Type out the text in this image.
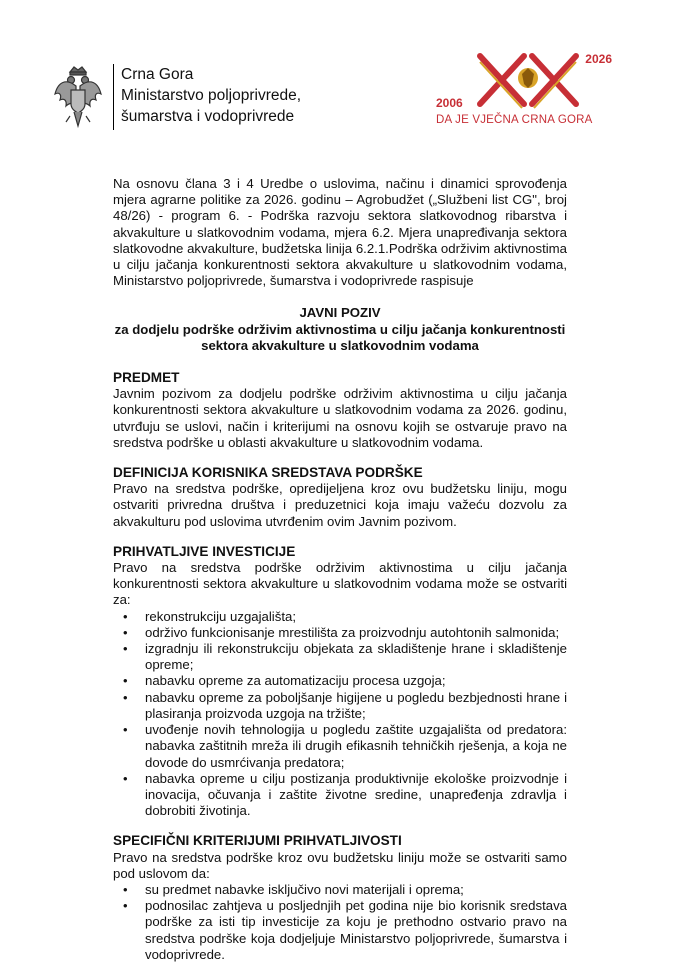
Crna Gora
Ministarstvo poljoprivrede,
šumarstva i vodoprivrede
2026
2006
DA JE VJEČNA CRNA GORA

Na osnovu člana 3 i 4 Uredbe o uslovima, načinu i dinamici sprovođenja mjera agrarne politike za 2026. godinu – Agrobudžet („Službeni list CG", broj 48/26) - program 6. - Podrška razvoju sektora slatkovodnog ribarstva i akvakulture u slatkovodnim vodama, mjera 6.2. Mjera unapređivanja sektora slatkovodne akvakulture, budžetska linija 6.2.1.Podrška održivim aktivnostima u cilju jačanja konkurentnosti sektora akvakulture u slatkovodnim vodama, Ministarstvo poljoprivrede, šumarstva i vodoprivrede raspisuje

JAVNI POZIV
za dodjelu podrške održivim aktivnostima u cilju jačanja konkurentnosti sektora akvakulture u slatkovodnim vodama
PREDMET

Javnim pozivom za dodjelu podrške održivim aktivnostima u cilju jačanja konkurentnosti sektora akvakulture u slatkovodnim vodama za 2026. godinu, utvrđuju se uslovi, način i kriterijumi na osnovu kojih se ostvaruje pravo na sredstva podrške u oblasti akvakulture u slatkovodnim vodama.

DEFINICIJA KORISNIKA SREDSTAVA PODRŠKE

Pravo na sredstva podrške, opredijeljena kroz ovu budžetsku liniju, mogu ostvariti privredna društva i preduzetnici koja imaju važeću dozvolu za akvakulturu pod uslovima utvrđenim ovim Javnim pozivom.

PRIHVATLJIVE INVESTICIJE

Pravo na sredstva podrške održivim aktivnostima u cilju jačanja konkurentnosti sektora akvakulture u slatkovodnim vodama može se ostvariti za:

• rekonstrukciju uzgajališta;
• održivo funkcionisanje mrestilišta za proizvodnju autohtonih salmonida;
• izgradnju ili rekonstrukciju objekata za skladištenje hrane i skladištenje opreme;
• nabavku opreme za automatizaciju procesa uzgoja;
• nabavku opreme za poboljšanje higijene u pogledu bezbjednosti hrane i plasiranja proizvoda uzgoja na tržište;
• uvođenje novih tehnologija u pogledu zaštite uzgajališta od predatora: nabavka zaštitnih mreža ili drugih efikasnih tehničkih rješenja, a koja ne dovode do usmrćivanja predatora;
• nabavka opreme u cilju postizanja produktivnije ekološke proizvodnje i inovacija, očuvanja i zaštite životne sredine, unapređenja zdravlja i dobrobiti životinja.
SPECIFIČNI KRITERIJUMI PRIHVATLJIVOSTI

Pravo na sredstva podrške kroz ovu budžetsku liniju može se ostvariti samo pod uslovom da:

• su predmet nabavke isključivo novi materijali i oprema;
• podnosilac zahtjeva u posljednjih pet godina nije bio korisnik sredstava podrške za isti tip investicije za koju je prethodno ostvario pravo na sredstva podrške koja dodjeljuje Ministarstvo poljoprivrede, šumarstva i vodoprivrede.
